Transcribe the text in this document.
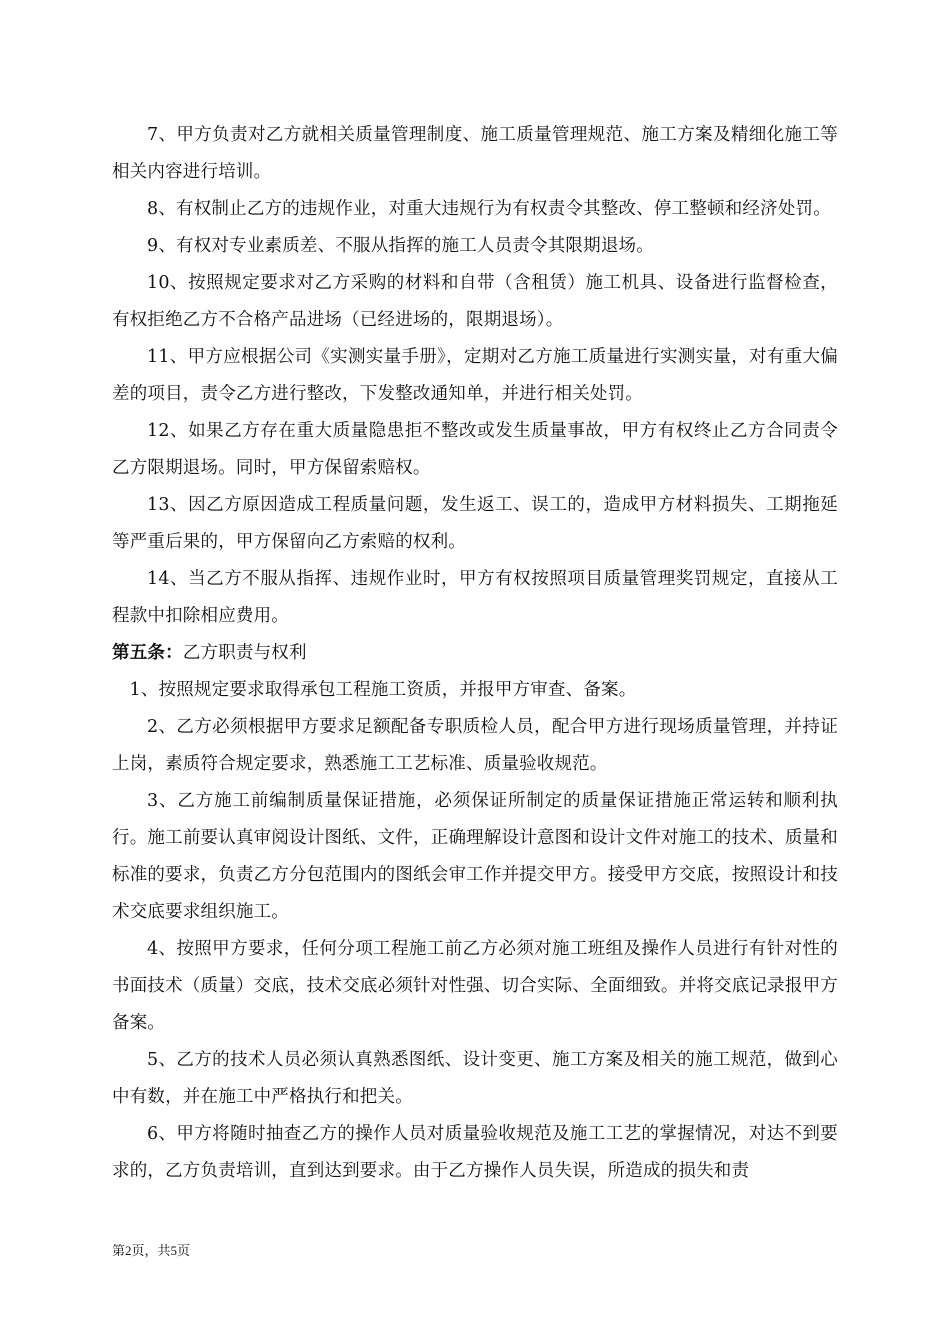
7、甲方负责对乙方就相关质量管理制度、施工质量管理规范、施工方案及精细化施工等相关内容进行培训。

8、有权制止乙方的违规作业，对重大违规行为有权责令其整改、停工整顿和经济处罚。

9、有权对专业素质差、不服从指挥的施工人员责令其限期退场。

10、按照规定要求对乙方采购的材料和自带（含租赁）施工机具、设备进行监督检查，有权拒绝乙方不合格产品进场（已经进场的，限期退场）。

11、甲方应根据公司《实测实量手册》，定期对乙方施工质量进行实测实量，对有重大偏差的项目，责令乙方进行整改，下发整改通知单，并进行相关处罚。

12、如果乙方存在重大质量隐患拒不整改或发生质量事故，甲方有权终止乙方合同责令乙方限期退场。同时，甲方保留索赔权。

13、因乙方原因造成工程质量问题，发生返工、误工的，造成甲方材料损失、工期拖延等严重后果的，甲方保留向乙方索赔的权利。

14、当乙方不服从指挥、违规作业时，甲方有权按照项目质量管理奖罚规定，直接从工程款中扣除相应费用。

第五条：乙方职责与权利

1、按照规定要求取得承包工程施工资质，并报甲方审查、备案。

2、乙方必须根据甲方要求足额配备专职质检人员，配合甲方进行现场质量管理，并持证上岗，素质符合规定要求，熟悉施工工艺标准、质量验收规范。

3、乙方施工前编制质量保证措施，必须保证所制定的质量保证措施正常运转和顺利执行。施工前要认真审阅设计图纸、文件，正确理解设计意图和设计文件对施工的技术、质量和标准的要求，负责乙方分包范围内的图纸会审工作并提交甲方。接受甲方交底，按照设计和技术交底要求组织施工。

4、按照甲方要求，任何分项工程施工前乙方必须对施工班组及操作人员进行有针对性的书面技术（质量）交底，技术交底必须针对性强、切合实际、全面细致。并将交底记录报甲方备案。

5、乙方的技术人员必须认真熟悉图纸、设计变更、施工方案及相关的施工规范，做到心中有数，并在施工中严格执行和把关。

6、甲方将随时抽查乙方的操作人员对质量验收规范及施工工艺的掌握情况，对达不到要求的，乙方负责培训，直到达到要求。由于乙方操作人员失误，所造成的损失和责

第2页，共5页
